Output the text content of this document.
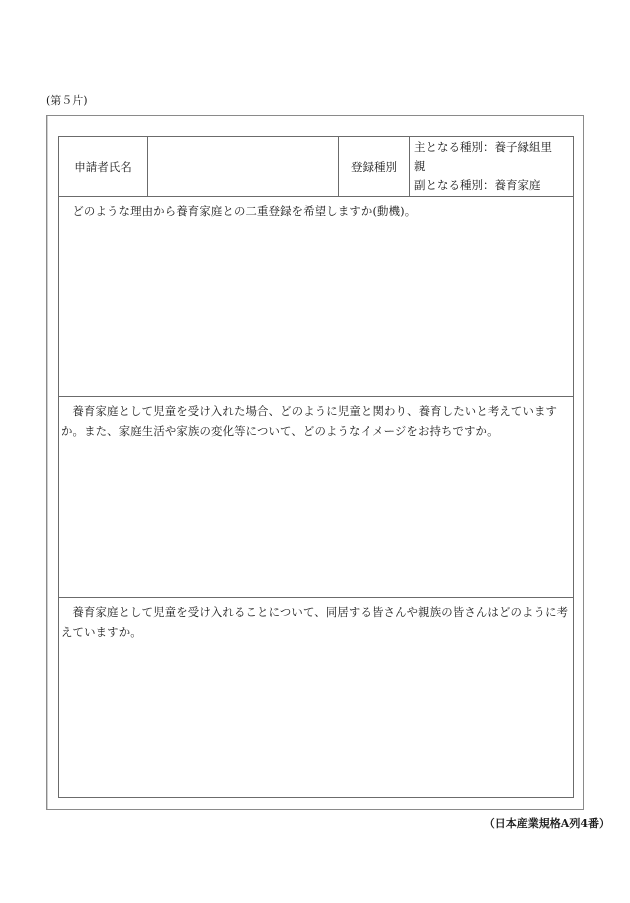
(第５片)
申請者氏名	登録種別
主となる種別：養子縁組里
親
副となる種別：養育家庭

どのような理由から養育家庭との二重登録を希望しますか(動機)。

養育家庭として児童を受け入れた場合、どのように児童と関わり、養育したいと考えていますか。また、家庭生活や家族の変化等について、どのようなイメージをお持ちですか。

養育家庭として児童を受け入れることについて、同居する皆さんや親族の皆さんはどのように考えていますか。

（日本産業規格A列4番）
